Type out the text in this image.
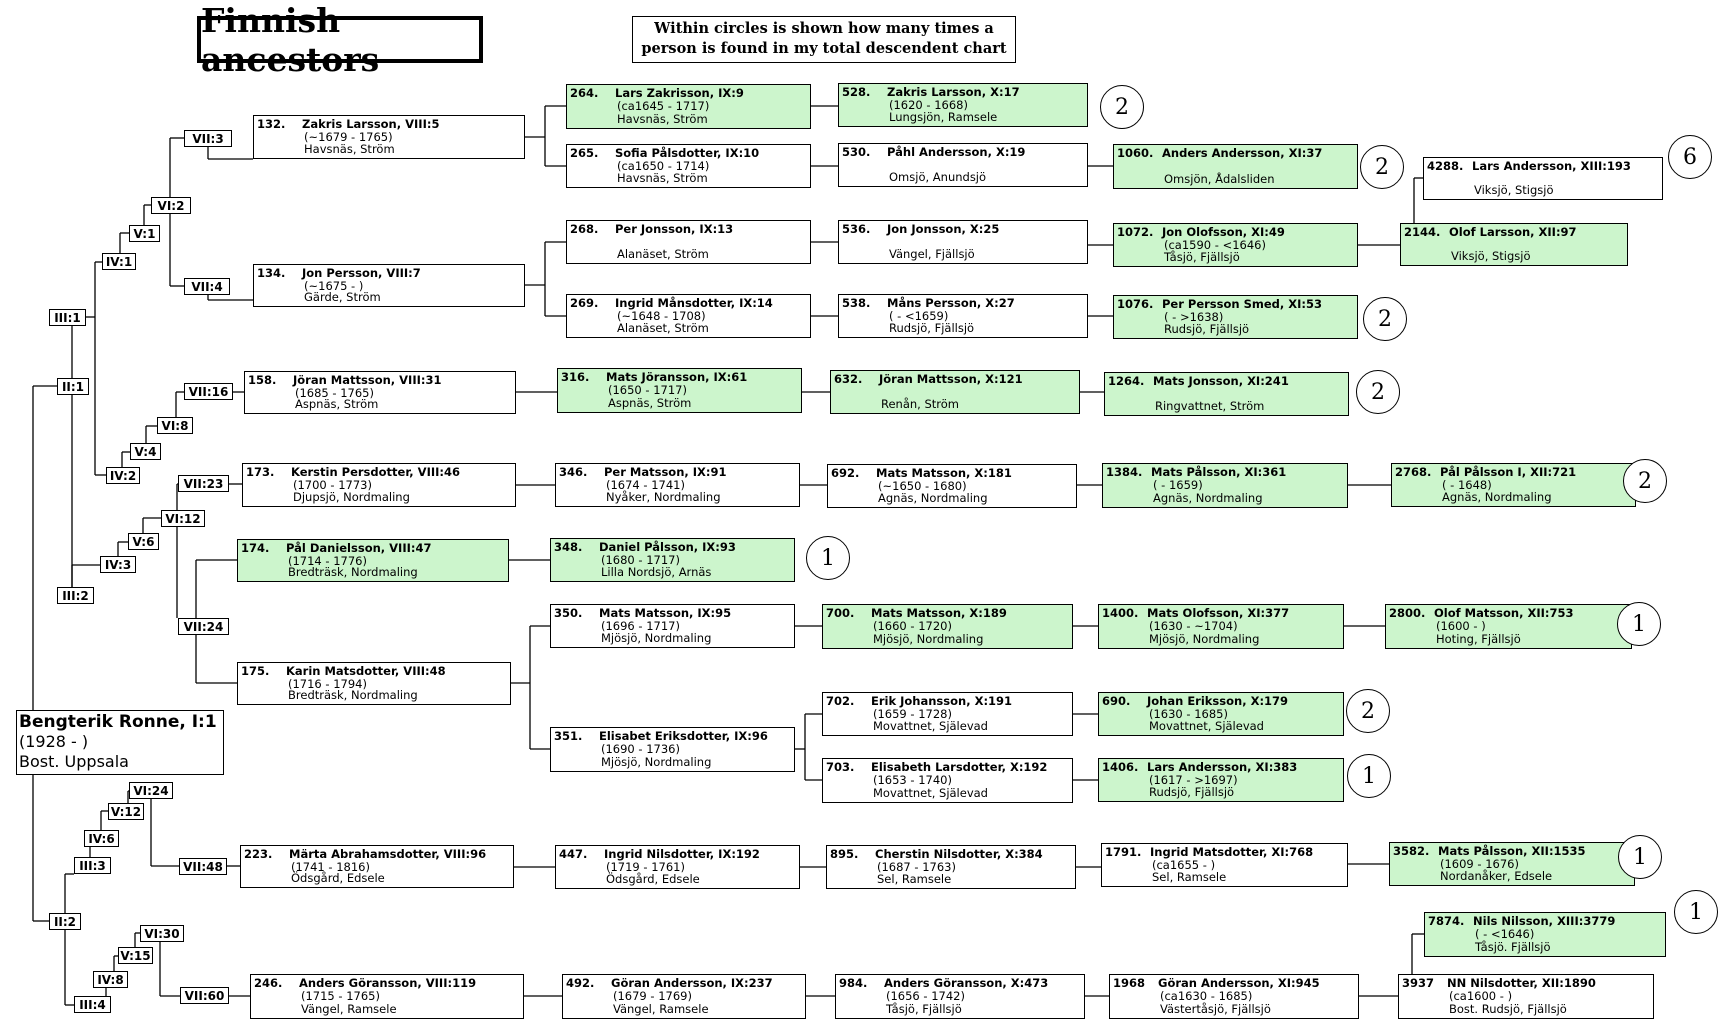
Finnish ancestors
Within circles is shown how many times a
person is found in my total descendent chart
Bengterik Ronne, I:1
(1928 - )
Bost. Uppsala
132. Zakris Larsson, VIII:5
(~1679 - 1765)
Havsnäs, Ström
134. Jon Persson, VIII:7
(~1675 - )
Gärde, Ström
158. Jöran Mattsson, VIII:31
(1685 - 1765)
Aspnäs, Ström
173. Kerstin Persdotter, VIII:46
(1700 - 1773)
Djupsjö, Nordmaling
174. Pål Danielsson, VIII:47
(1714 - 1776)
Bredträsk, Nordmaling
175. Karin Matsdotter, VIII:48
(1716 - 1794)
Bredträsk, Nordmaling
223. Märta Abrahamsdotter, VIII:96
(1741 - 1816)
Ödsgård, Edsele
246. Anders Göransson, VIII:119
(1715 - 1765)
Vängel, Ramsele
264. Lars Zakrisson, IX:9
(ca1645 - 1717)
Havsnäs, Ström
265. Sofia Pålsdotter, IX:10
(ca1650 - 1714)
Havsnäs, Ström
268. Per Jonsson, IX:13
Alanäset, Ström
269. Ingrid Månsdotter, IX:14
(~1648 - 1708)
Alanäset, Ström
316. Mats Jöransson, IX:61
(1650 - 1717)
Aspnäs, Ström
346. Per Matsson, IX:91
(1674 - 1741)
Nyåker, Nordmaling
348. Daniel Pålsson, IX:93
(1680 - 1717)
Lilla Nordsjö, Arnäs
350. Mats Matsson, IX:95
(1696 - 1717)
Mjösjö, Nordmaling
351. Elisabet Eriksdotter, IX:96
(1690 - 1736)
Mjösjö, Nordmaling
447. Ingrid Nilsdotter, IX:192
(1719 - 1761)
Ödsgård, Edsele
492. Göran Andersson, IX:237
(1679 - 1769)
Vängel, Ramsele
528. Zakris Larsson, X:17
(1620 - 1668)
Lungsjön, Ramsele
530. Påhl Andersson, X:19
Omsjö, Anundsjö
536. Jon Jonsson, X:25
Vängel, Fjällsjö
538. Måns Persson, X:27
( - <1659)
Rudsjö, Fjällsjö
632. Jöran Mattsson, X:121
Renån, Ström
692. Mats Matsson, X:181
(~1650 - 1680)
Agnäs, Nordmaling
700. Mats Matsson, X:189
(1660 - 1720)
Mjösjö, Nordmaling
702. Erik Johansson, X:191
(1659 - 1728)
Movattnet, Själevad
703. Elisabeth Larsdotter, X:192
(1653 - 1740)
Movattnet, Själevad
895. Cherstin Nilsdotter, X:384
(1687 - 1763)
Sel, Ramsele
984. Anders Göransson, X:473
(1656 - 1742)
Tåsjö, Fjällsjö
1060. Anders Andersson, XI:37
Omsjön, Ådalsliden
1072. Jon Olofsson, XI:49
(ca1590 - <1646)
Tåsjö, Fjällsjö
1076. Per Persson Smed, XI:53
( - >1638)
Rudsjö, Fjällsjö
1264. Mats Jonsson, XI:241
Ringvattnet, Ström
1384. Mats Pålsson, XI:361
( - 1659)
Agnäs, Nordmaling
1400. Mats Olofsson, XI:377
(1630 - ~1704)
Mjösjö, Nordmaling
690. Johan Eriksson, X:179
(1630 - 1685)
Movattnet, Själevad
1406. Lars Andersson, XI:383
(1617 - >1697)
Rudsjö, Fjällsjö
1791. Ingrid Matsdotter, XI:768
(ca1655 - )
Sel, Ramsele
1968 Göran Andersson, XI:945
(ca1630 - 1685)
Västertåsjö, Fjällsjö
4288. Lars Andersson, XIII:193
Viksjö, Stigsjö
2144. Olof Larsson, XII:97
Viksjö, Stigsjö
2768. Pål Pålsson I, XII:721
( - 1648)
Agnäs, Nordmaling
2800. Olof Matsson, XII:753
(1600 - )
Hoting, Fjällsjö
3582. Mats Pålsson, XII:1535
(1609 - 1676)
Nordanåker, Edsele
7874. Nils Nilsson, XIII:3779
( - <1646)
Tåsjö. Fjällsjö
3937 NN Nilsdotter, XII:1890
(ca1600 - )
Bost. Rudsjö, Fjällsjö
II:1
II:2
III:1
III:2
III:3
III:4
IV:1
IV:2
IV:3
IV:6
IV:8
V:1
V:4
V:6
V:12
V:15
VI:2
VI:8
VI:12
VI:24
VI:30
VII:3
VII:4
VII:16
VII:23
VII:24
VII:48
VII:60
2
2	6
2
2
2
1
1
2
1
1
1
